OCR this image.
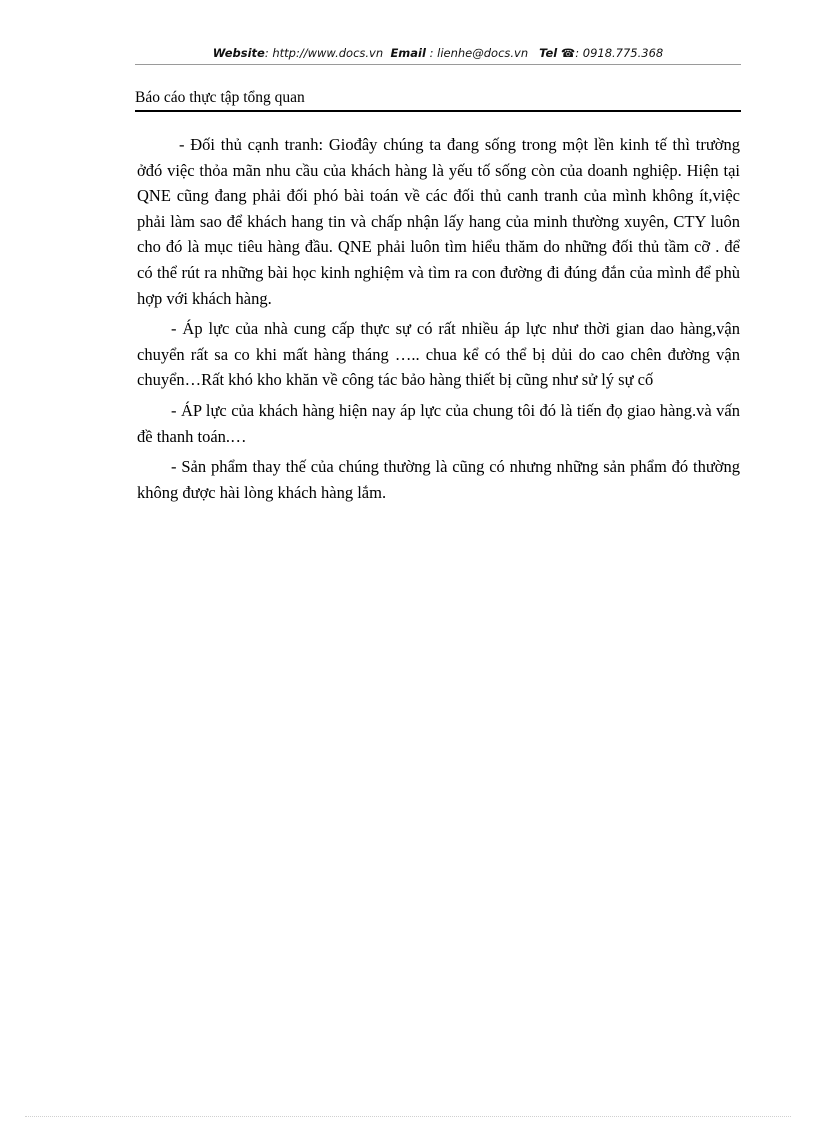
Website: http://www.docs.vn Email : lienhe@docs.vn Tel ☎: 0918.775.368
Báo cáo thực tập tổng quan

- Đối thủ cạnh tranh: Giođây chúng ta đang sống trong một lền kinh tế thì trường ởđó việc thỏa mãn nhu cầu của khách hàng là yếu tố sống còn của doanh nghiệp. Hiện tại QNE cũng đang phải đối phó bài toán về các đối thủ canh tranh của mình không ít,việc phải làm sao để khách hang tin và chấp nhận lấy hang của minh thường xuyên, CTY luôn cho đó là mục tiêu hàng đầu. QNE phải luôn tìm hiểu thăm do những đối thủ tầm cỡ . để có thể rút ra những bài học kinh nghiệm và tìm ra con đường đi đúng đắn của mình để phù hợp với khách hàng.

- Áp lực của nhà cung cấp thực sự có rất nhiều áp lực như thời gian dao hàng,vận chuyển rất sa co khi mất hàng tháng ….. chua kể có thể bị dủi do cao chên đường vận chuyển…Rất khó kho khăn về công tác bảo hàng thiết bị cũng như sử lý sự cố

- ÁP lực của khách hàng hiện nay áp lực của chung tôi đó là tiến đọ giao hàng.và vấn đề thanh toán.…

- Sản phẩm thay thế của chúng thường là cũng có nhưng những sản phẩm đó thường không được hài lòng khách hàng lắm.
